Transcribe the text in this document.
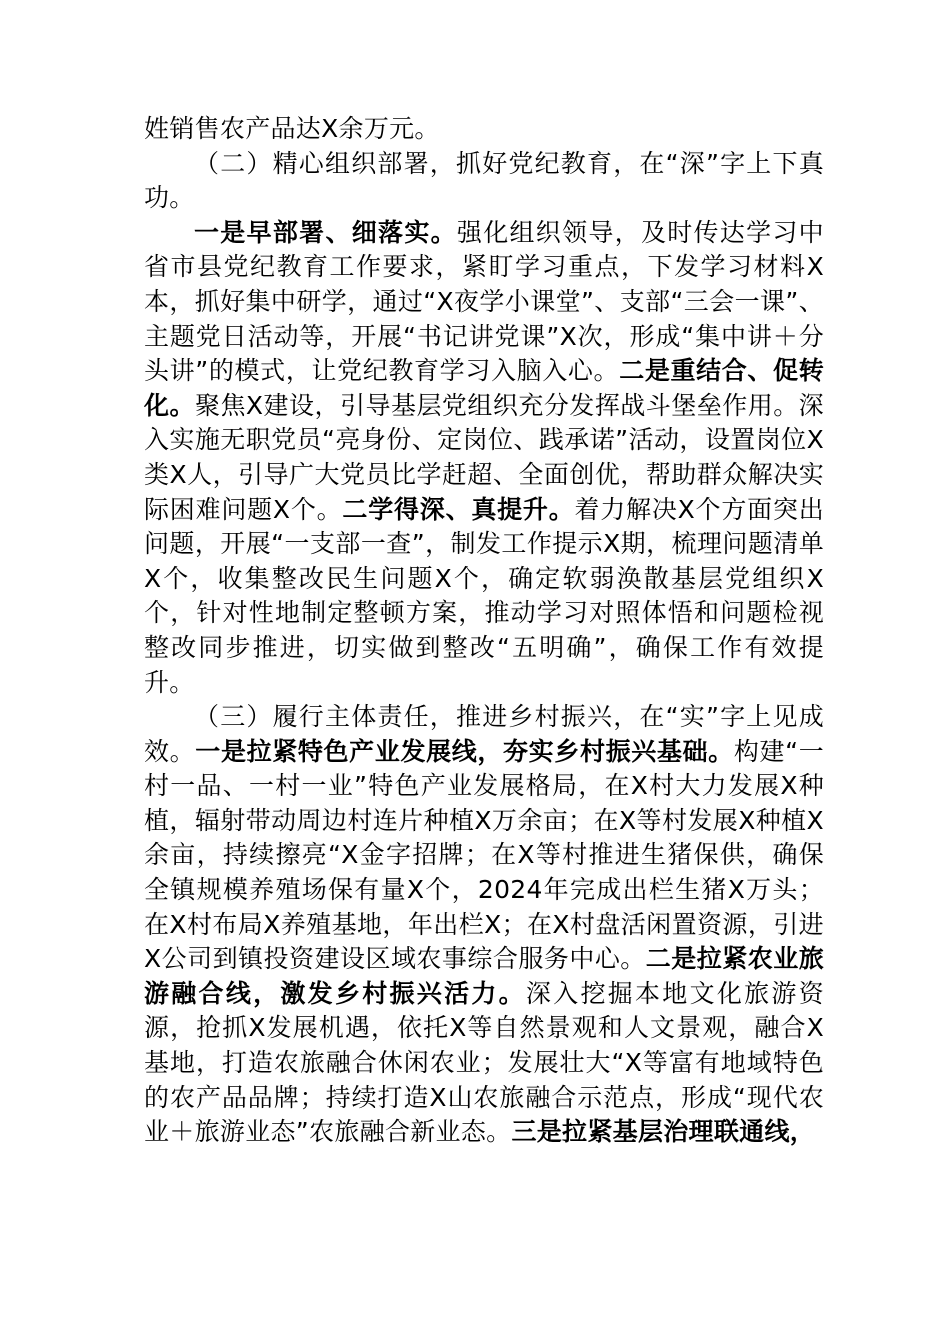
姓销售农产品达X余万元。

（二）精心组织部署，抓好党纪教育，在“深”字上下真功。

一是早部署、细落实。强化组织领导，及时传达学习中省市县党纪教育工作要求，紧盯学习重点，下发学习材料X本，抓好集中研学，通过“X夜学小课堂”、支部“三会一课”、主题党日活动等，开展“书记讲党课”X次，形成“集中讲＋分头讲”的模式，让党纪教育学习入脑入心。二是重结合、促转化。聚焦X建设，引导基层党组织充分发挥战斗堡垒作用。深入实施无职党员“亮身份、定岗位、践承诺”活动，设置岗位X类X人，引导广大党员比学赶超、全面创优，帮助群众解决实际困难问题X个。二学得深、真提升。着力解决X个方面突出问题，开展“一支部一查”，制发工作提示X期，梳理问题清单X个，收集整改民生问题X个，确定软弱涣散基层党组织X个，针对性地制定整顿方案，推动学习对照体悟和问题检视整改同步推进，切实做到整改“五明确”，确保工作有效提升。

（三）履行主体责任，推进乡村振兴，在“实”字上见成效。一是拉紧特色产业发展线，夯实乡村振兴基础。构建“一村一品、一村一业”特色产业发展格局，在X村大力发展X种植，辐射带动周边村连片种植X万余亩；在X等村发展X种植X余亩，持续擦亮“X金字招牌；在X等村推进生猪保供，确保全镇规模养殖场保有量X个，2024年完成出栏生猪X万头；在X村布局X养殖基地，年出栏X；在X村盘活闲置资源，引进X公司到镇投资建设区域农事综合服务中心。二是拉紧农业旅游融合线，激发乡村振兴活力。深入挖掘本地文化旅游资源，抢抓X发展机遇，依托X等自然景观和人文景观，融合X基地，打造农旅融合休闲农业；发展壮大“X等富有地域特色的农产品品牌；持续打造X山农旅融合示范点，形成“现代农业＋旅游业态”农旅融合新业态。三是拉紧基层治理联通线，
